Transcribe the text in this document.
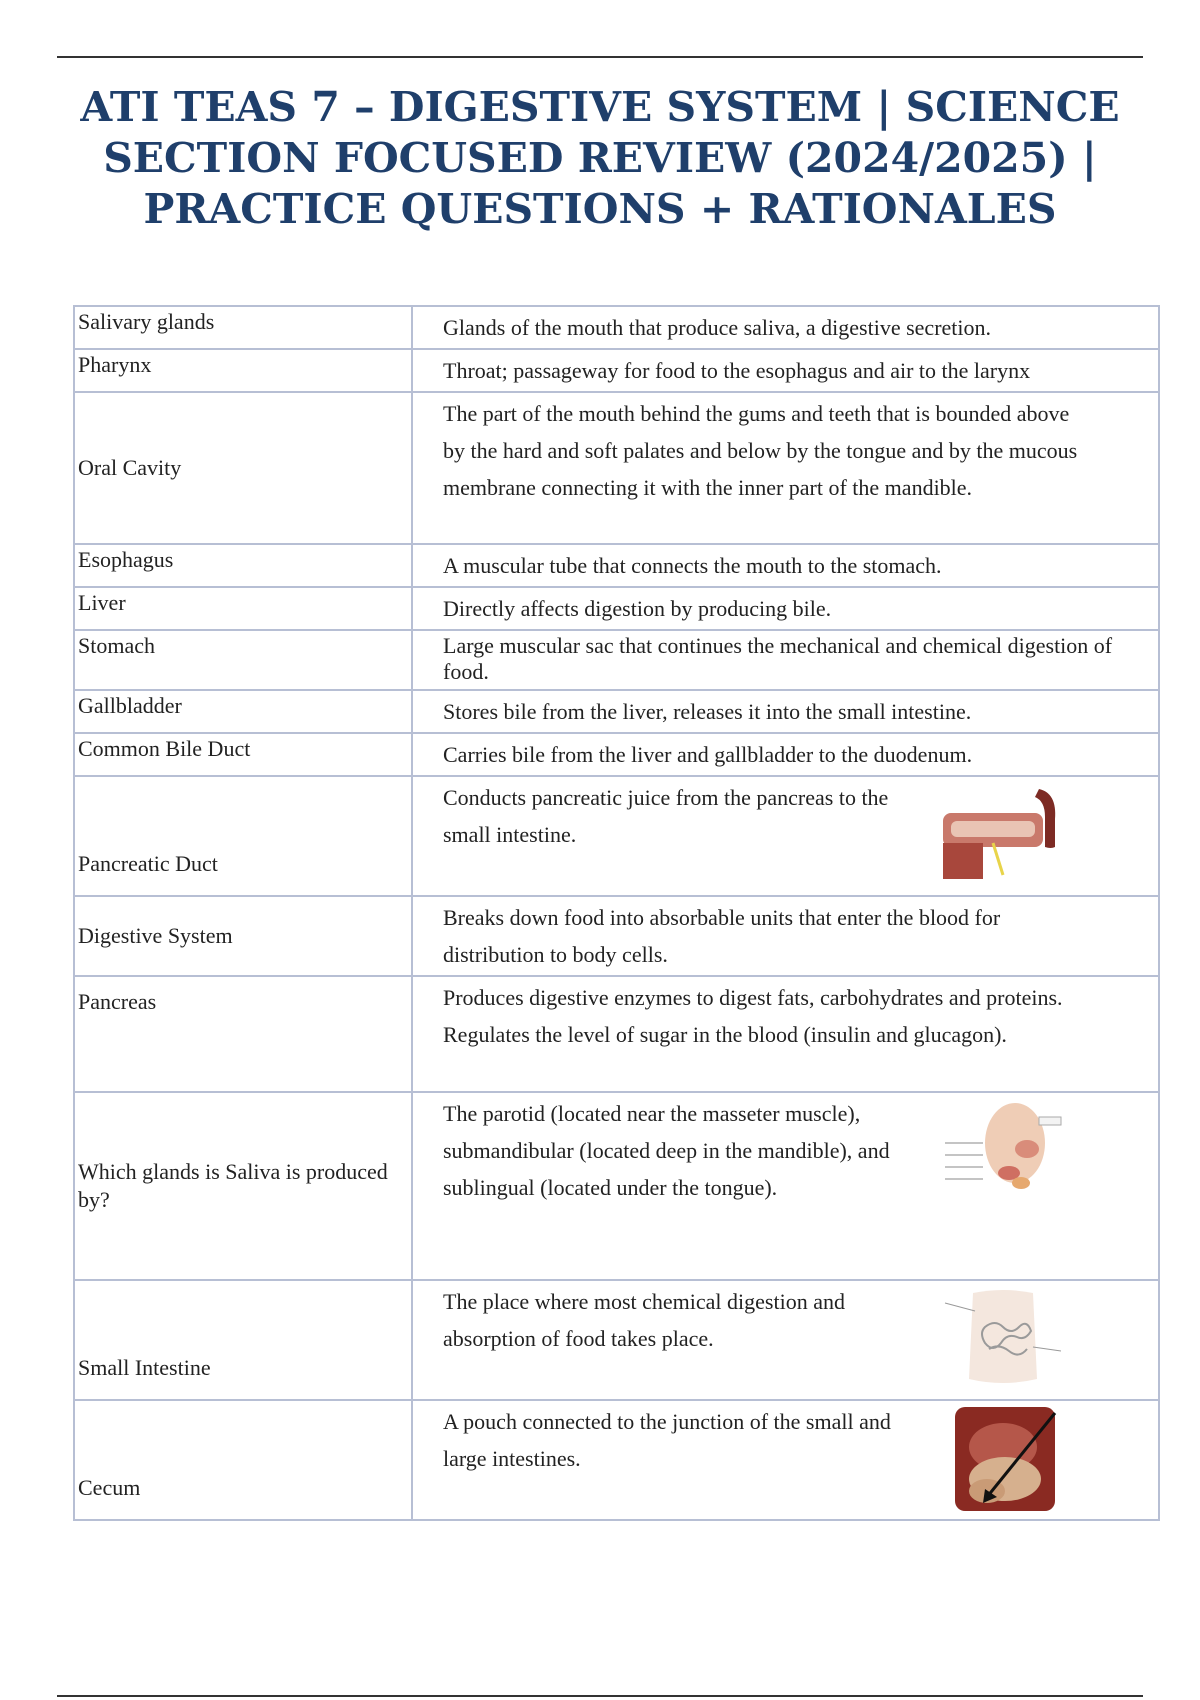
ATI TEAS 7 – DIGESTIVE SYSTEM | SCIENCE SECTION FOCUSED REVIEW (2024/2025) | PRACTICE QUESTIONS + RATIONALES
Salivary glands	Glands of the mouth that produce saliva, a digestive secretion.
Pharynx	Throat; passageway for food to the esophagus and air to the larynx
Oral Cavity	The part of the mouth behind the gums and teeth that is bounded above by the hard and soft palates and below by the tongue and by the mucous membrane connecting it with the inner part of the mandible.
Esophagus	A muscular tube that connects the mouth to the stomach.
Liver	Directly affects digestion by producing bile.
Stomach	Large muscular sac that continues the mechanical and chemical digestion of food.
Gallbladder	Stores bile from the liver, releases it into the small intestine.
Common Bile Duct	Carries bile from the liver and gallbladder to the duodenum.
Pancreatic Duct	Conducts pancreatic juice from the pancreas to the small intestine.

Digestive System	Breaks down food into absorbable units that enter the blood for distribution to body cells.
Pancreas	Produces digestive enzymes to digest fats, carbohydrates and proteins. Regulates the level of sugar in the blood (insulin and glucagon).
Which glands is Saliva is produced by?	The parotid (located near the masseter muscle), submandibular (located deep in the mandible), and sublingual (located under the tongue).

Small Intestine	The place where most chemical digestion and absorption of food takes place.

Cecum	A pouch connected to the junction of the small and large intestines.
